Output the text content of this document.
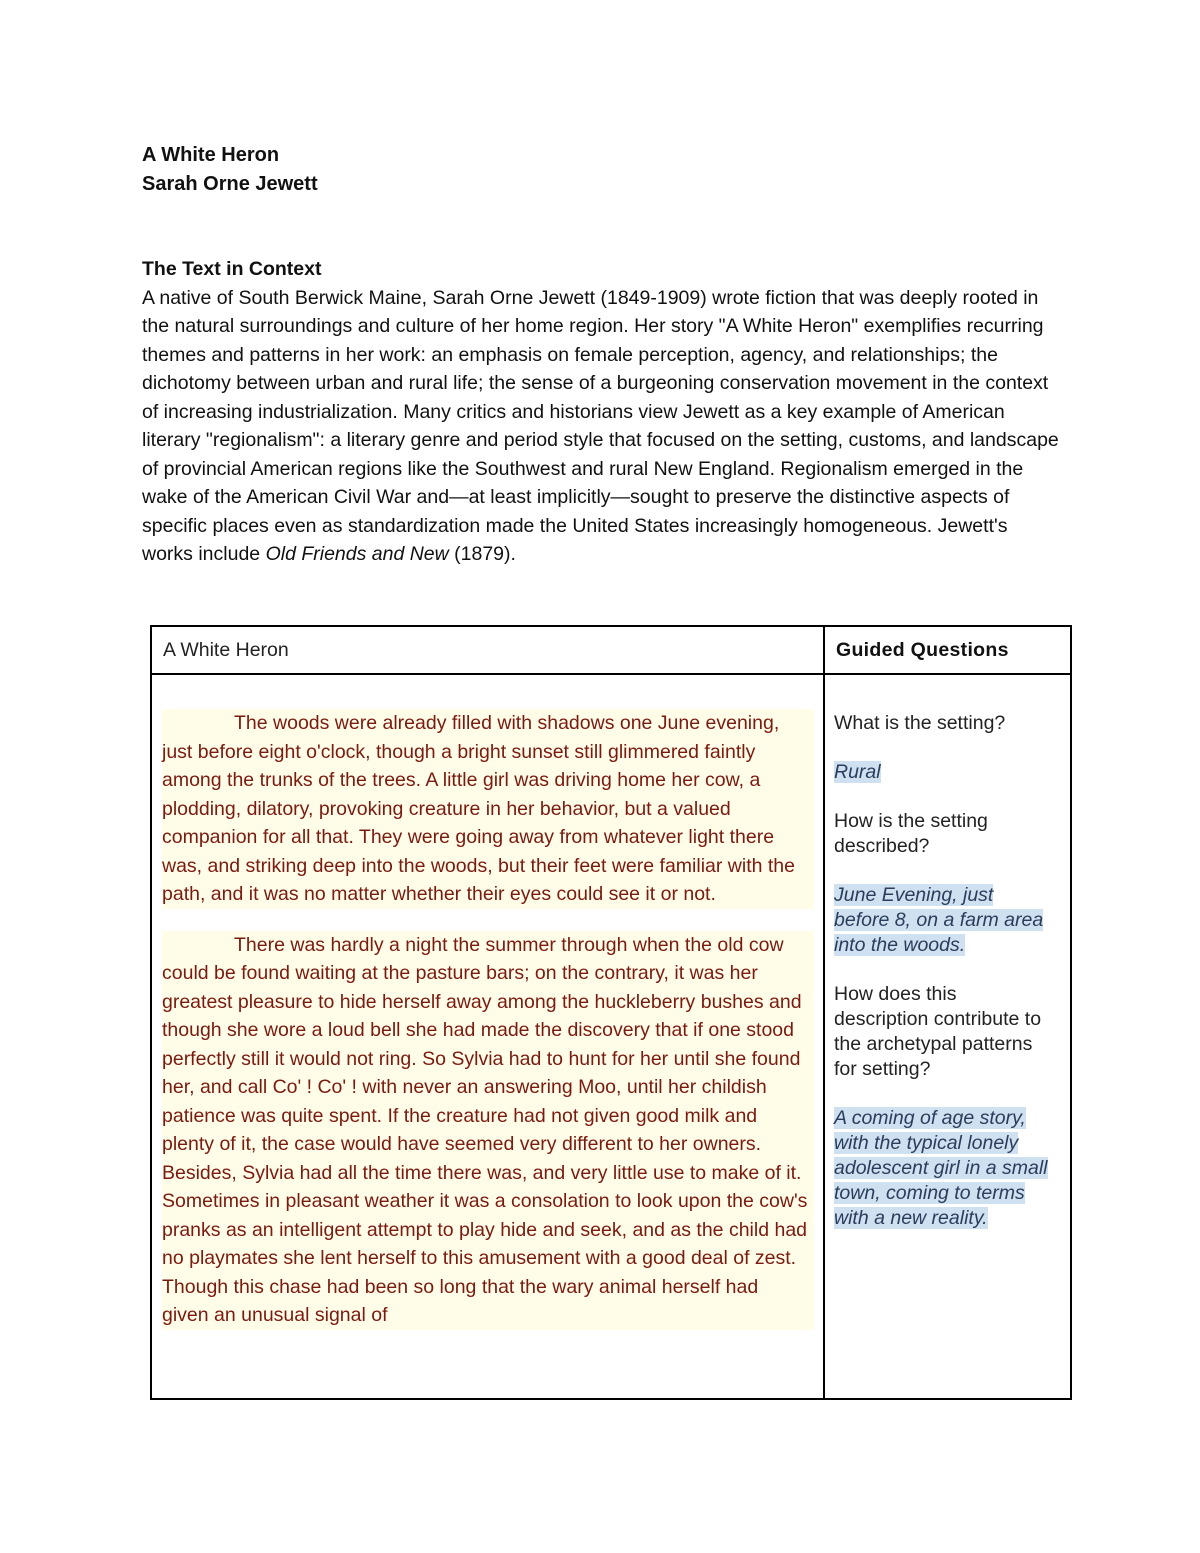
A White Heron
Sarah Orne Jewett
The Text in Context
A native of South Berwick Maine, Sarah Orne Jewett (1849-1909) wrote fiction that was deeply rooted in the natural surroundings and culture of her home region. Her story "A White Heron" exemplifies recurring themes and patterns in her work: an emphasis on female perception, agency, and relationships; the dichotomy between urban and rural life; the sense of a burgeoning conservation movement in the context of increasing industrialization. Many critics and historians view Jewett as a key example of American literary "regionalism": a literary genre and period style that focused on the setting, customs, and landscape of provincial American regions like the Southwest and rural New England. Regionalism emerged in the wake of the American Civil War and—at least implicitly—sought to preserve the distinctive aspects of specific places even as standardization made the United States increasingly homogeneous. Jewett's works include Old Friends and New (1879).
A White Heron	Guided Questions

The woods were already filled with shadows one June evening, just before eight o'clock, though a bright sunset still glimmered faintly among the trunks of the trees. A little girl was driving home her cow, a plodding, dilatory, provoking creature in her behavior, but a valued companion for all that. They were going away from whatever light there was, and striking deep into the woods, but their feet were familiar with the path, and it was no matter whether their eyes could see it or not.

There was hardly a night the summer through when the old cow could be found waiting at the pasture bars; on the contrary, it was her greatest pleasure to hide herself away among the huckleberry bushes and though she wore a loud bell she had made the discovery that if one stood perfectly still it would not ring. So Sylvia had to hunt for her until she found her, and call Co' ! Co' ! with never an answering Moo, until her childish patience was quite spent. If the creature had not given good milk and plenty of it, the case would have seemed very different to her owners. Besides, Sylvia had all the time there was, and very little use to make of it. Sometimes in pleasant weather it was a consolation to look upon the cow's pranks as an intelligent attempt to play hide and seek, and as the child had no playmates she lent herself to this amusement with a good deal of zest. Though this chase had been so long that the wary animal herself had given an unusual signal of

What is the setting?
Rural
How is the setting described?
June Evening, just before 8, on a farm area into the woods.
How does this description contribute to the archetypal patterns for setting?
A coming of age story, with the typical lonely adolescent girl in a small town, coming to terms with a new reality.
